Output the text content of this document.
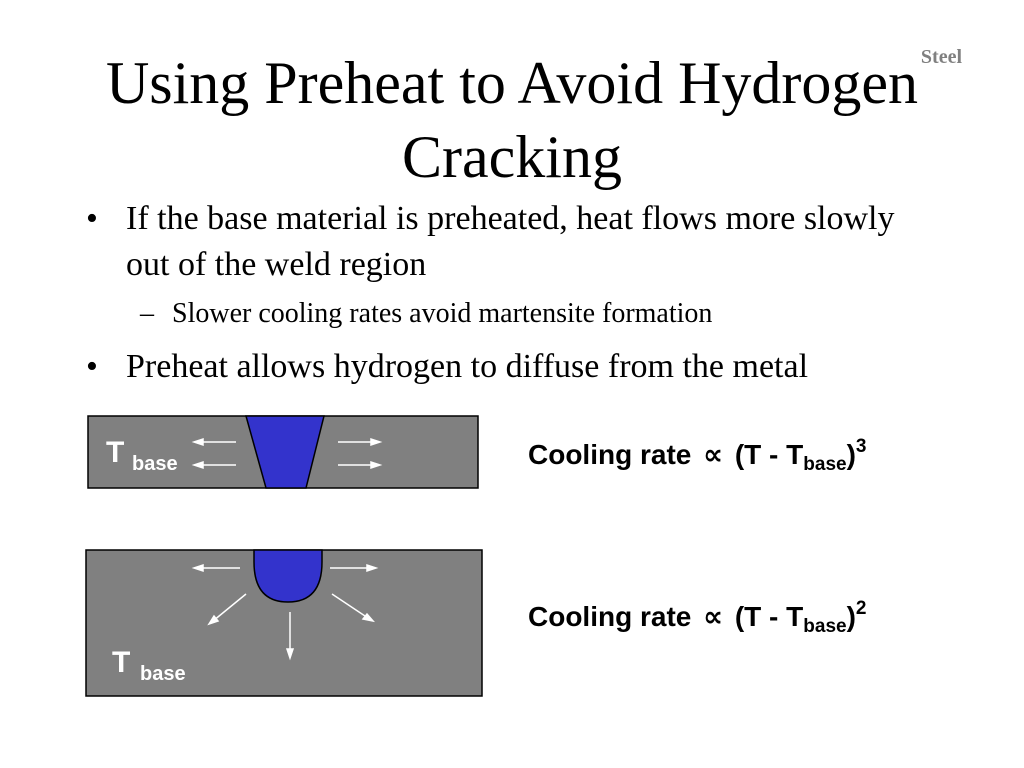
Steel
Using Preheat to Avoid Hydrogen
Cracking
• If the base material is preheated, heat flows more slowly out of the weld region
– Slower cooling rates avoid martensite formation
• Preheat allows hydrogen to diffuse from the metal
T base
T base
Cooling rate ∝ $(T - T_{base})^3$
Cooling rate ∝ $(T - T_{base})^2$
